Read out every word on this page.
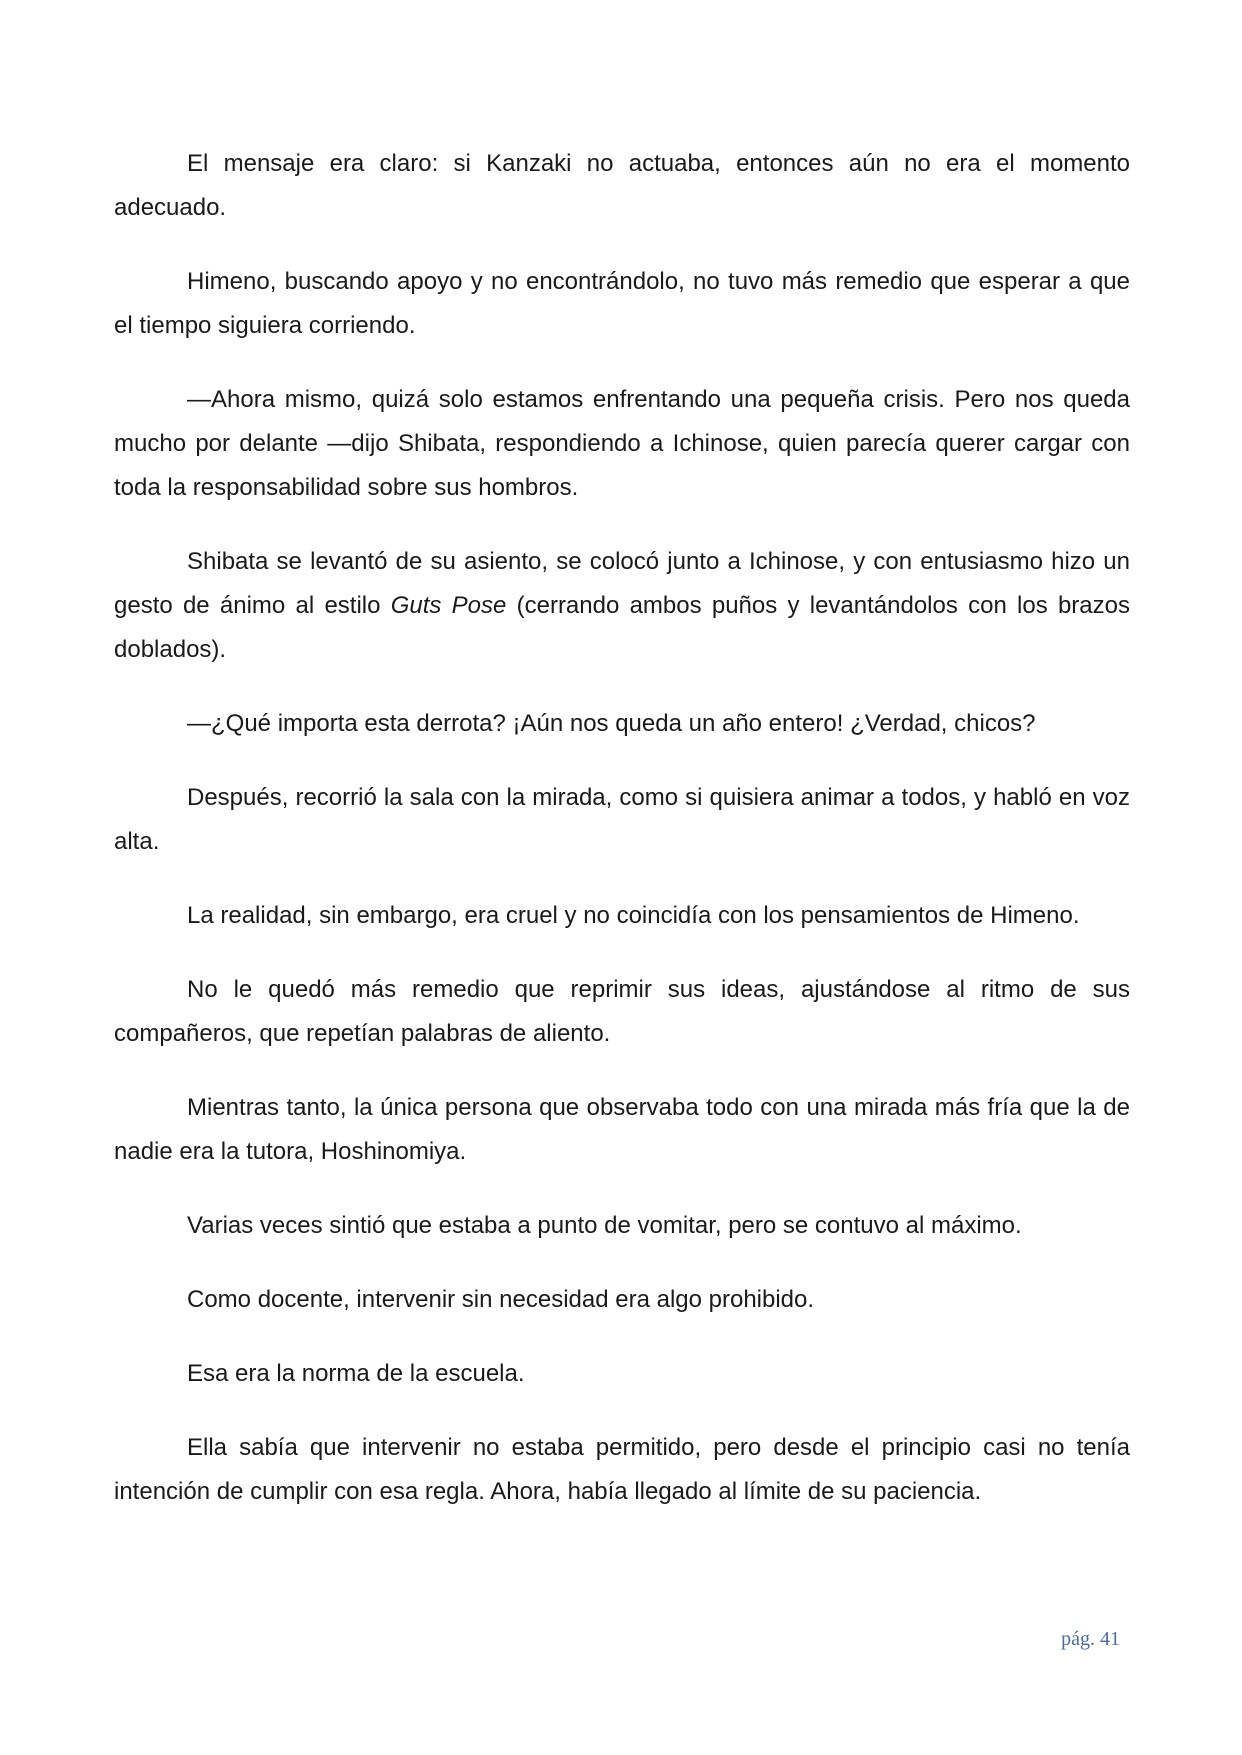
El mensaje era claro: si Kanzaki no actuaba, entonces aún no era el momento adecuado.

Himeno, buscando apoyo y no encontrándolo, no tuvo más remedio que esperar a que el tiempo siguiera corriendo.

—Ahora mismo, quizá solo estamos enfrentando una pequeña crisis. Pero nos queda mucho por delante —dijo Shibata, respondiendo a Ichinose, quien parecía querer cargar con toda la responsabilidad sobre sus hombros.

Shibata se levantó de su asiento, se colocó junto a Ichinose, y con entusiasmo hizo un gesto de ánimo al estilo Guts Pose (cerrando ambos puños y levantándolos con los brazos doblados).

—¿Qué importa esta derrota? ¡Aún nos queda un año entero! ¿Verdad, chicos?

Después, recorrió la sala con la mirada, como si quisiera animar a todos, y habló en voz alta.

La realidad, sin embargo, era cruel y no coincidía con los pensamientos de Himeno.

No le quedó más remedio que reprimir sus ideas, ajustándose al ritmo de sus compañeros, que repetían palabras de aliento.

Mientras tanto, la única persona que observaba todo con una mirada más fría que la de nadie era la tutora, Hoshinomiya.

Varias veces sintió que estaba a punto de vomitar, pero se contuvo al máximo.

Como docente, intervenir sin necesidad era algo prohibido.

Esa era la norma de la escuela.

Ella sabía que intervenir no estaba permitido, pero desde el principio casi no tenía intención de cumplir con esa regla. Ahora, había llegado al límite de su paciencia.

pág. 41
